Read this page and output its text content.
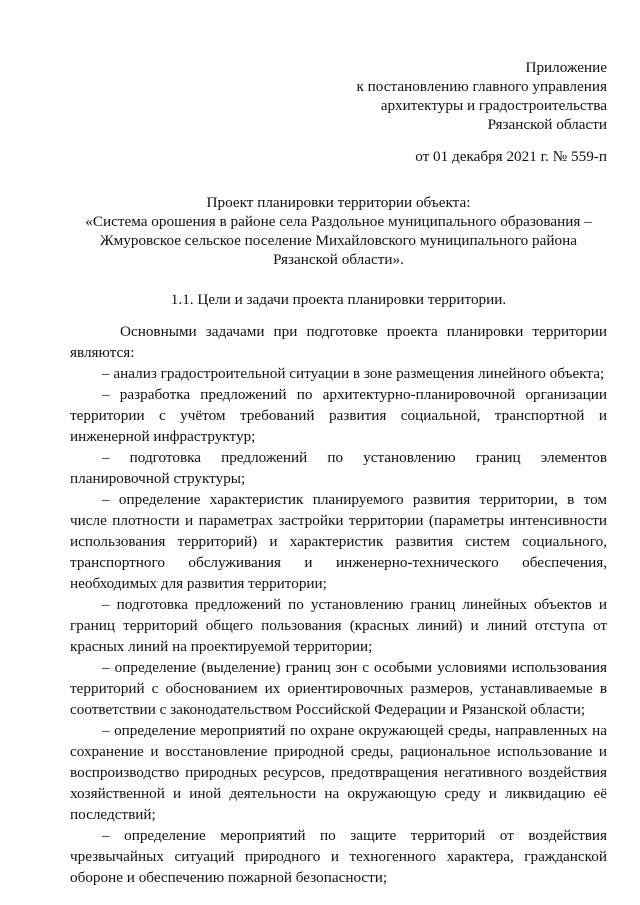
Приложение
к постановлению главного управления
архитектуры и градостроительства
Рязанской области
от 01 декабря 2021 г. № 559-п
Проект планировки территории объекта:
«Система орошения в районе села Раздольное муниципального образования –
Жмуровское сельское поселение Михайловского муниципального района
Рязанской области».
1.1. Цели и задачи проекта планировки территории.

Основными задачами при подготовке проекта планировки территории являются:

– анализ градостроительной ситуации в зоне размещения линейного объекта;

– разработка предложений по архитектурно-планировочной организации территории с учётом требований развития социальной, транспортной и инженерной инфраструктур;

– подготовка предложений по установлению границ элементов планировочной структуры;

– определение характеристик планируемого развития территории, в том числе плотности и параметрах застройки территории (параметры интенсивности использования территорий) и характеристик развития систем социального, транспортного обслуживания и инженерно-технического обеспечения, необходимых для развития территории;

– подготовка предложений по установлению границ линейных объектов и границ территорий общего пользования (красных линий) и линий отступа от красных линий на проектируемой территории;

– определение (выделение) границ зон с особыми условиями использования территорий с обоснованием их ориентировочных размеров, устанавливаемые в соответствии с законодательством Российской Федерации и Рязанской области;

– определение мероприятий по охране окружающей среды, направленных на сохранение и восстановление природной среды, рациональное использование и воспроизводство природных ресурсов, предотвращения негативного воздействия хозяйственной и иной деятельности на окружающую среду и ликвидацию её последствий;

– определение мероприятий по защите территорий от воздействия чрезвычайных ситуаций природного и техногенного характера, гражданской обороне и обеспечению пожарной безопасности;
